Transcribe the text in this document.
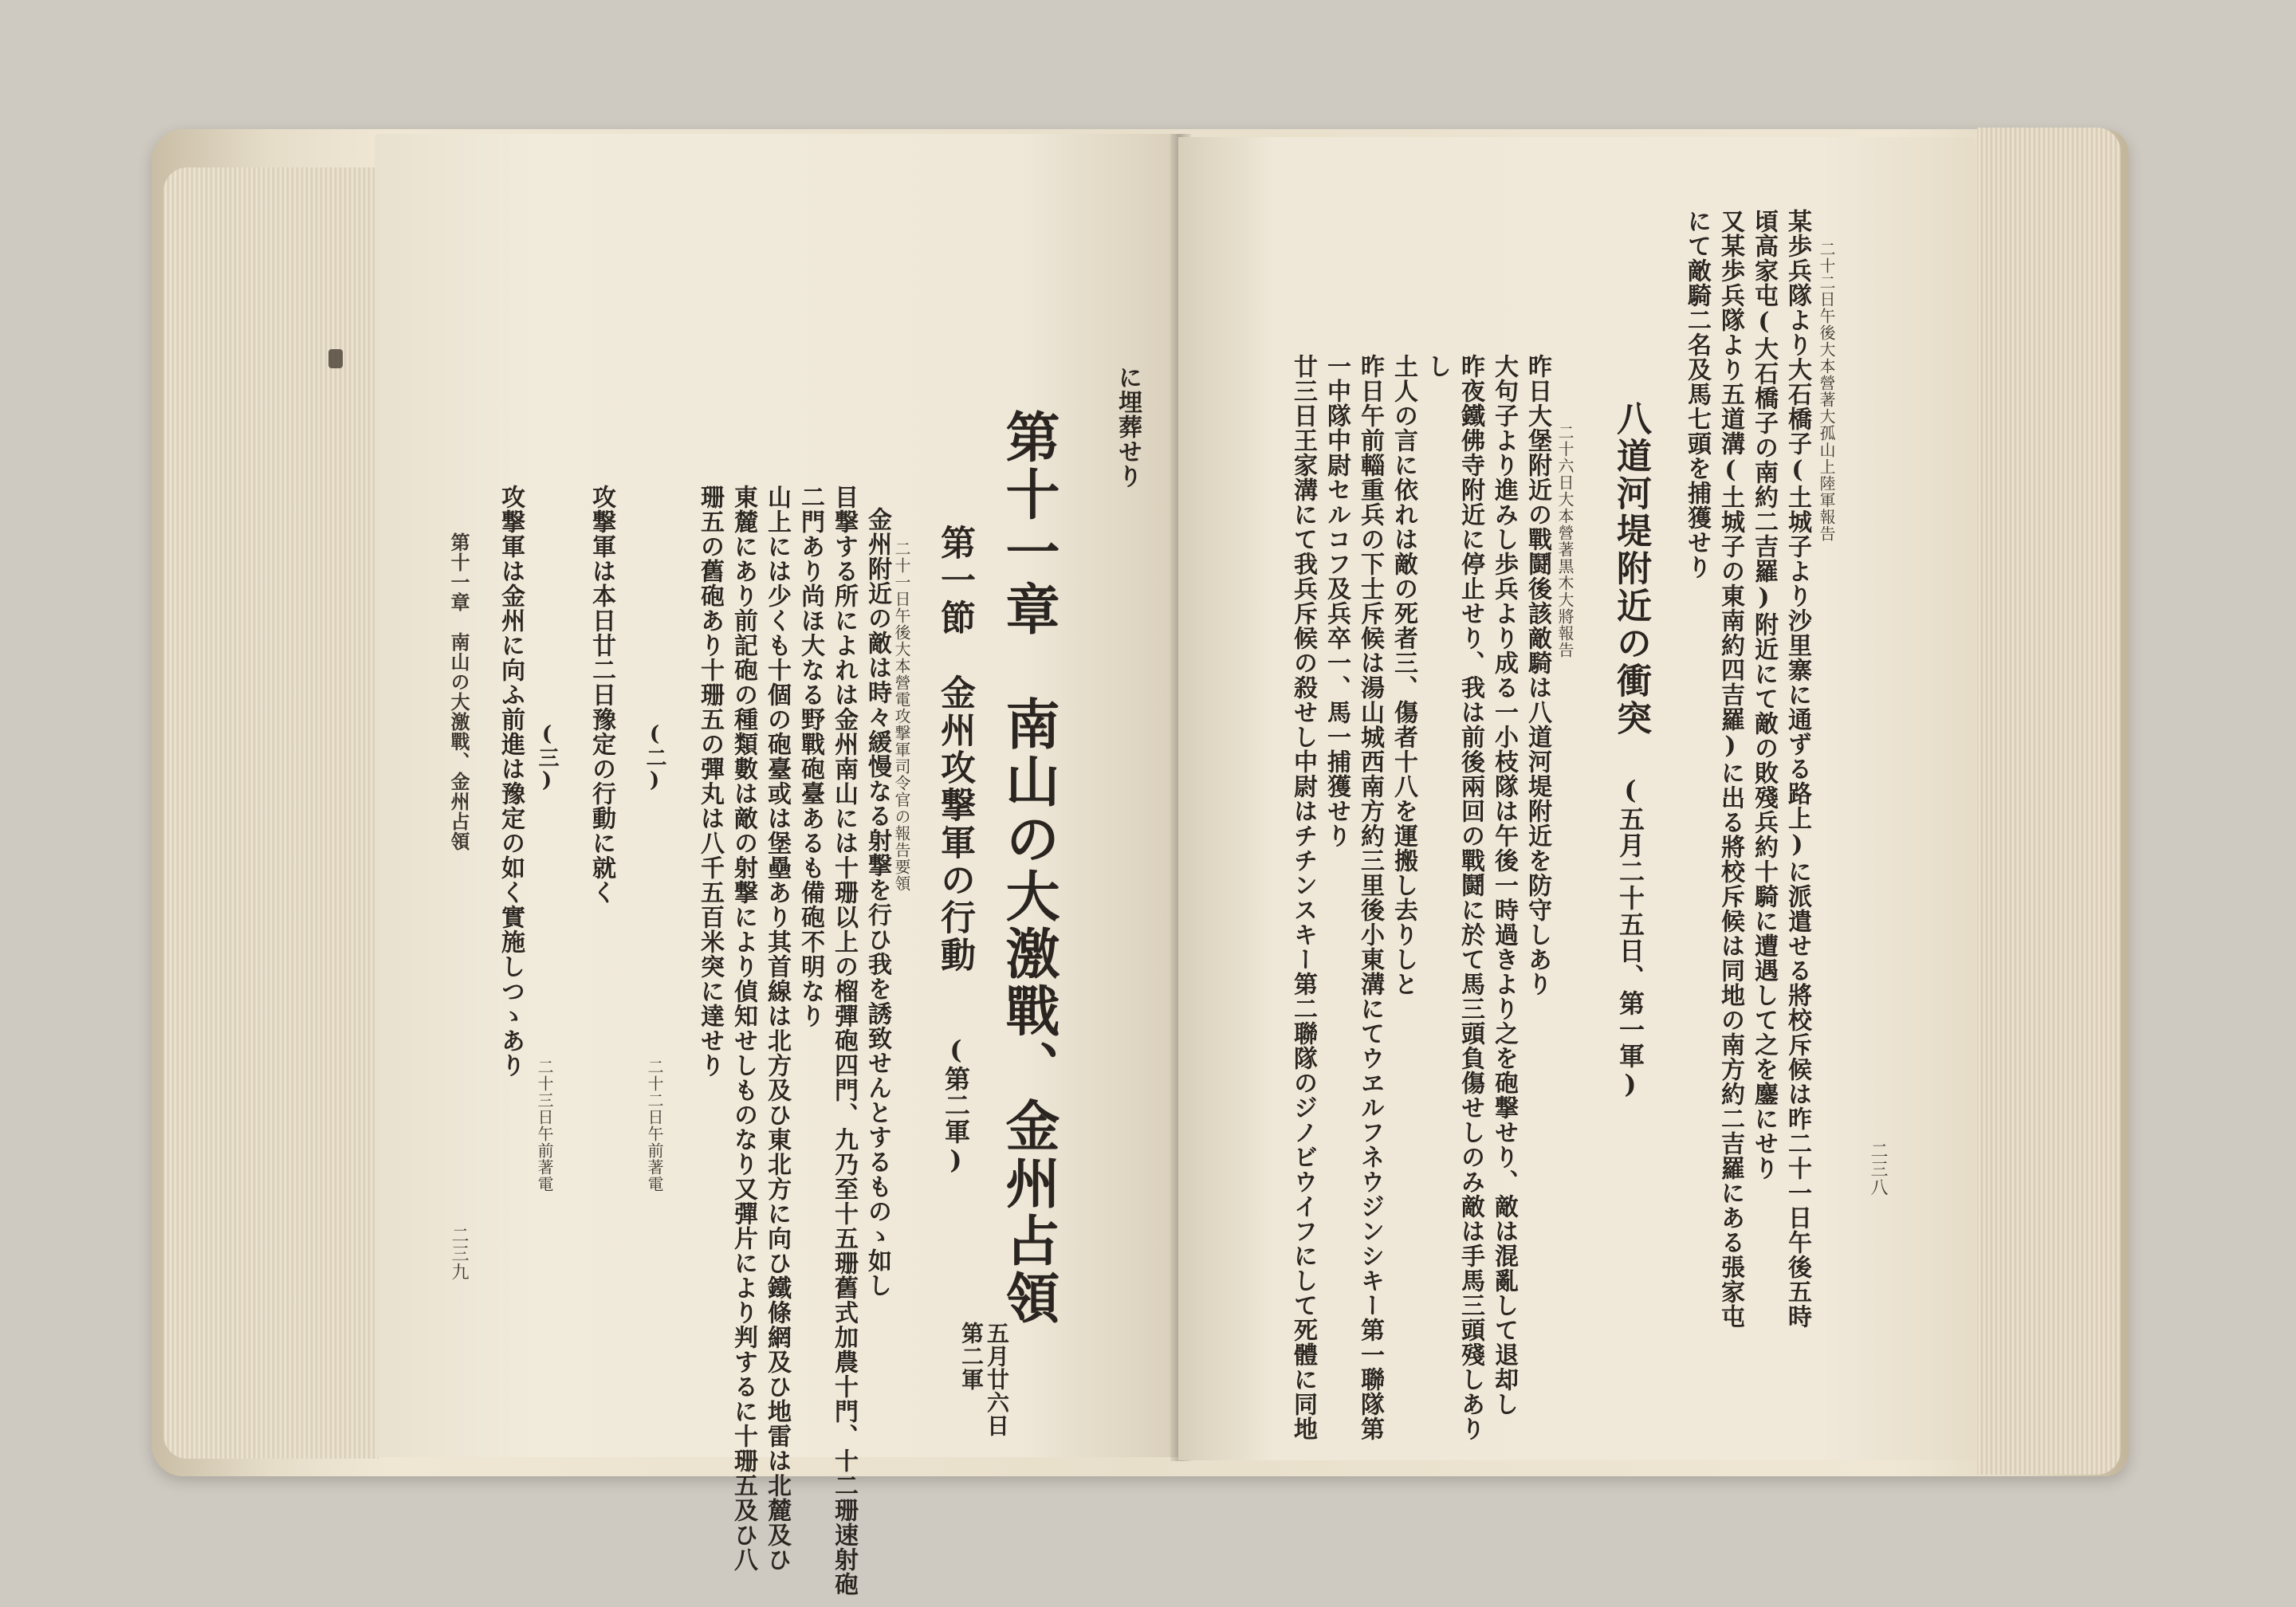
に埋葬せり
第十一章　南山の大激戰、金州占領
五月廿六日
第二軍
第一節　金州攻撃軍の行動
(第二軍)
二十一日午後大本營電攻撃軍司令官の報告要領
金州附近の敵は時々緩慢なる射撃を行ひ我を誘致せんとするものゝ如し
目撃する所によれは金州南山には十珊以上の榴彈砲四門、九乃至十五珊舊式加農十門、十二珊速射砲
二門あり尚ほ大なる野戰砲臺あるも備砲不明なり
山上には少くも十個の砲臺或は堡壘あり其首線は北方及ひ東北方に向ひ鐵條網及ひ地雷は北麓及ひ
東麓にあり前記砲の種類數は敵の射撃により偵知せしものなり又彈片により判するに十珊五及ひ八
珊五の舊砲あり十珊五の彈丸は八千五百米突に達せり
(二)
二十二日午前著電
攻撃軍は本日廿二日豫定の行動に就く
(三)
二十三日午前著電
攻撃軍は金州に向ふ前進は豫定の如く實施しつゝあり
第十一章　南山の大激戰、金州占領
二三九
二三八
二十二日午後大本營著大孤山上陸軍報告
某歩兵隊より大石橋子(土城子より沙里寨に通ずる路上)に派遣せる將校斥候は昨二十一日午後五時
頃高家屯(大石橋子の南約二吉羅)附近にて敵の敗殘兵約十騎に遭遇して之を鏖にせり
又某歩兵隊より五道溝(土城子の東南約四吉羅)に出る將校斥候は同地の南方約二吉羅にある張家屯
にて敵騎二名及馬七頭を捕獲せり
八道河堤附近の衝突
(五月二十五日、第一軍)
二十六日大本營著黒木大將報告
昨日大堡附近の戰鬪後該敵騎は八道河堤附近を防守しあり
大句子より進みし歩兵より成る一小枝隊は午後一時過きより之を砲撃せり、敵は混亂して退却し
昨夜鐵佛寺附近に停止せり、我は前後兩回の戰鬪に於て馬三頭負傷せしのみ敵は手馬三頭殘しあり
し
土人の言に依れは敵の死者三、傷者十八を運搬し去りしと
昨日午前輜重兵の下士斥候は湯山城西南方約三里後小東溝にてウヱルフネウジンシキー第一聯隊第
一中隊中尉セルコフ及兵卒一、馬一捕獲せり
廿三日王家溝にて我兵斥候の殺せし中尉はチチンスキー第二聯隊のジノビウイフにして死體に同地
